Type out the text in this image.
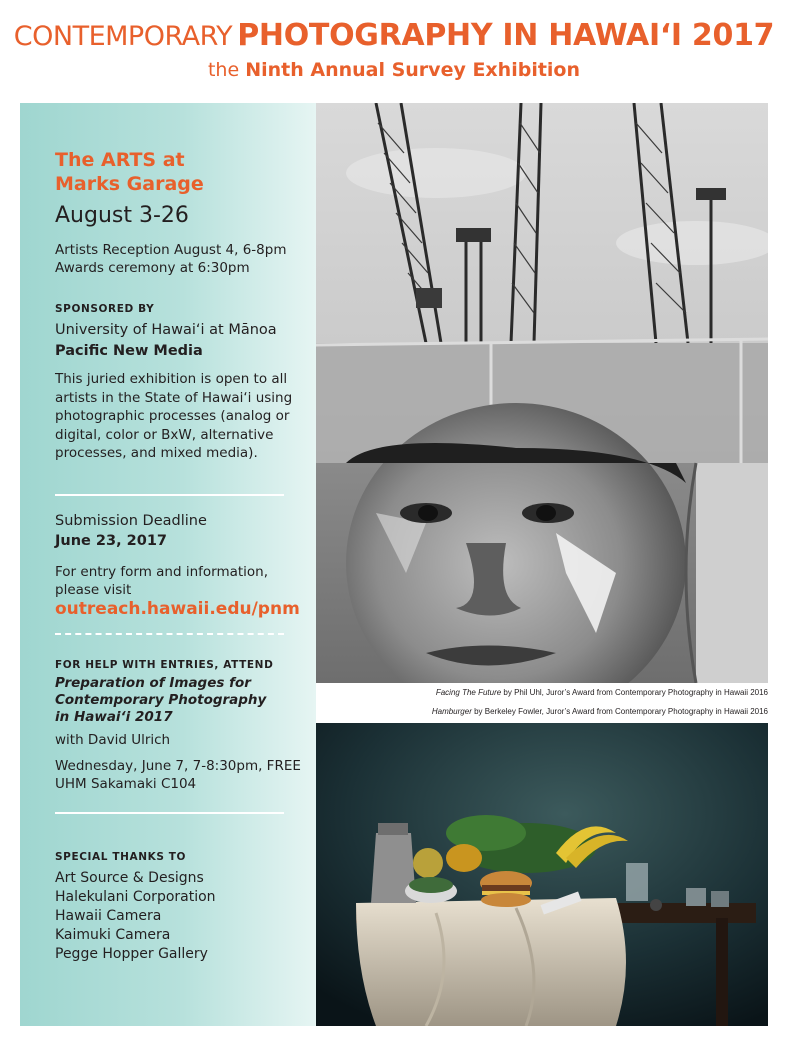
CONTEMPORARY PHOTOGRAPHY IN HAWAI‘I 2017
the Ninth Annual Survey Exhibition
The ARTS at
Marks Garage
August 3-26
Artists Reception August 4, 6-8pm
Awards ceremony at 6:30pm
SPONSORED BY
University of Hawai‘i at Mānoa
Pacific New Media
This juried exhibition is open to all artists in the State of Hawai‘i using photographic processes (analog or digital, color or BxW, alternative processes, and mixed media).
Submission Deadline
June 23, 2017
For entry form and information, please visit
outreach.hawaii.edu/pnm
FOR HELP WITH ENTRIES, ATTEND
Preparation of Images for Contemporary Photography in Hawai‘i 2017
with David Ulrich
Wednesday, June 7, 7-8:30pm, FREE
UHM Sakamaki C104
SPECIAL THANKS TO
Art Source & Designs
Halekulani Corporation
Hawaii Camera
Kaimuki Camera
Pegge Hopper Gallery
Facing The Future by Phil Uhl, Juror’s Award from Contemporary Photography in Hawaii 2016
Hamburger by Berkeley Fowler, Juror’s Award from Contemporary Photography in Hawaii 2016
